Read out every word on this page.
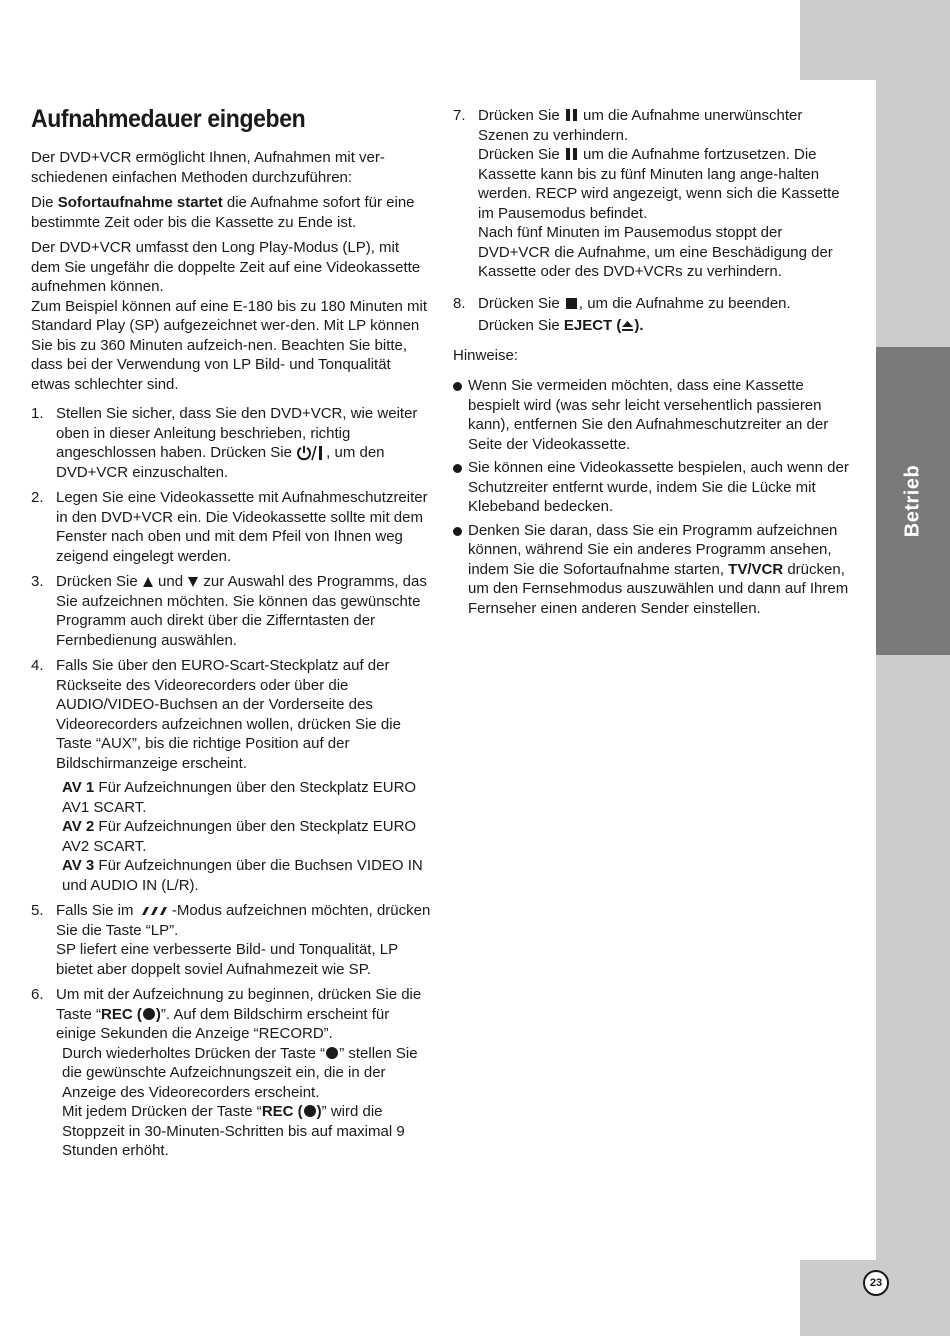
Betrieb
23
Aufnahmedauer eingeben

Der DVD+VCR ermöglicht Ihnen, Aufnahmen mit ver-schiedenen einfachen Methoden durchzuführen:

Die Sofortaufnahme startet die Aufnahme sofort für eine bestimmte Zeit oder bis die Kassette zu Ende ist.

Der DVD+VCR umfasst den Long Play-Modus (LP), mit dem Sie ungefähr die doppelte Zeit auf eine Videokassette aufnehmen können.

Zum Beispiel können auf eine E-180 bis zu 180 Minuten mit Standard Play (SP) aufgezeichnet wer-den. Mit LP können Sie bis zu 360 Minuten aufzeich-nen. Beachten Sie bitte, dass bei der Verwendung von LP Bild- und Tonqualität etwas schlechter sind.

1. Stellen Sie sicher, dass Sie den DVD+VCR, wie weiter oben in dieser Anleitung beschrieben, richtig angeschlossen haben. Drücken Sie , um den DVD+VCR einzuschalten.
2. Legen Sie eine Videokassette mit Aufnahmeschutzreiter in den DVD+VCR ein. Die Videokassette sollte mit dem Fenster nach oben und mit dem Pfeil von Ihnen weg zeigend eingelegt werden.
3. Drücken Sie  und  zur Auswahl des Programms, das Sie aufzeichnen möchten. Sie können das gewünschte Programm auch direkt über die Zifferntasten der Fernbedienung auswählen.
4. Falls Sie über den EURO-Scart-Steckplatz auf der Rückseite des Videorecorders oder über die AUDIO/VIDEO-Buchsen an der Vorderseite des Videorecorders aufzeichnen wollen, drücken Sie die Taste “AUX”, bis die richtige Position auf der Bildschirmanzeige erscheint.
AV 1 Für Aufzeichnungen über den Steckplatz EURO AV1 SCART.
AV 2 Für Aufzeichnungen über den Steckplatz EURO AV2 SCART.
AV 3 Für Aufzeichnungen über die Buchsen VIDEO IN und AUDIO IN (L/R).
5. Falls Sie im  -Modus aufzeichnen möchten, drücken Sie die Taste “LP”.
SP liefert eine verbesserte Bild- und Tonqualität, LP bietet aber doppelt soviel Aufnahmezeit wie SP.
6. Um mit der Aufzeichnung zu beginnen, drücken Sie die Taste “REC ( )”. Auf dem Bildschirm erscheint für einige Sekunden die Anzeige “RECORD”.
Durch wiederholtes Drücken der Taste “ ” stellen Sie die gewünschte Aufzeichnungszeit ein, die in der Anzeige des Videorecorders erscheint.
Mit jedem Drücken der Taste “REC ( )” wird die Stoppzeit in 30-Minuten-Schritten bis auf maximal 9 Stunden erhöht.
7. Drücken Sie  um die Aufnahme unerwünschter Szenen zu verhindern.
Drücken Sie  um die Aufnahme fortzusetzen. Die Kassette kann bis zu fünf Minuten lang ange-halten werden. RECP wird angezeigt, wenn sich die Kassette im Pausemodus befindet.
Nach fünf Minuten im Pausemodus stoppt der DVD+VCR die Aufnahme, um eine Beschädigung der Kassette oder des DVD+VCRs zu verhindern.
8. Drücken Sie , um die Aufnahme zu beenden.
Drücken Sie EJECT ( ).

Hinweise:

Wenn Sie vermeiden möchten, dass eine Kassette bespielt wird (was sehr leicht versehentlich passieren kann), entfernen Sie den Aufnahmeschutzreiter an der Seite der Videokassette.
Sie können eine Videokassette bespielen, auch wenn der Schutzreiter entfernt wurde, indem Sie die Lücke mit Klebeband bedecken.
Denken Sie daran, dass Sie ein Programm aufzeichnen können, während Sie ein anderes Programm ansehen, indem Sie die Sofortaufnahme starten, TV/VCR drücken, um den Fernsehmodus auszuwählen und dann auf Ihrem Fernseher einen anderen Sender einstellen.
